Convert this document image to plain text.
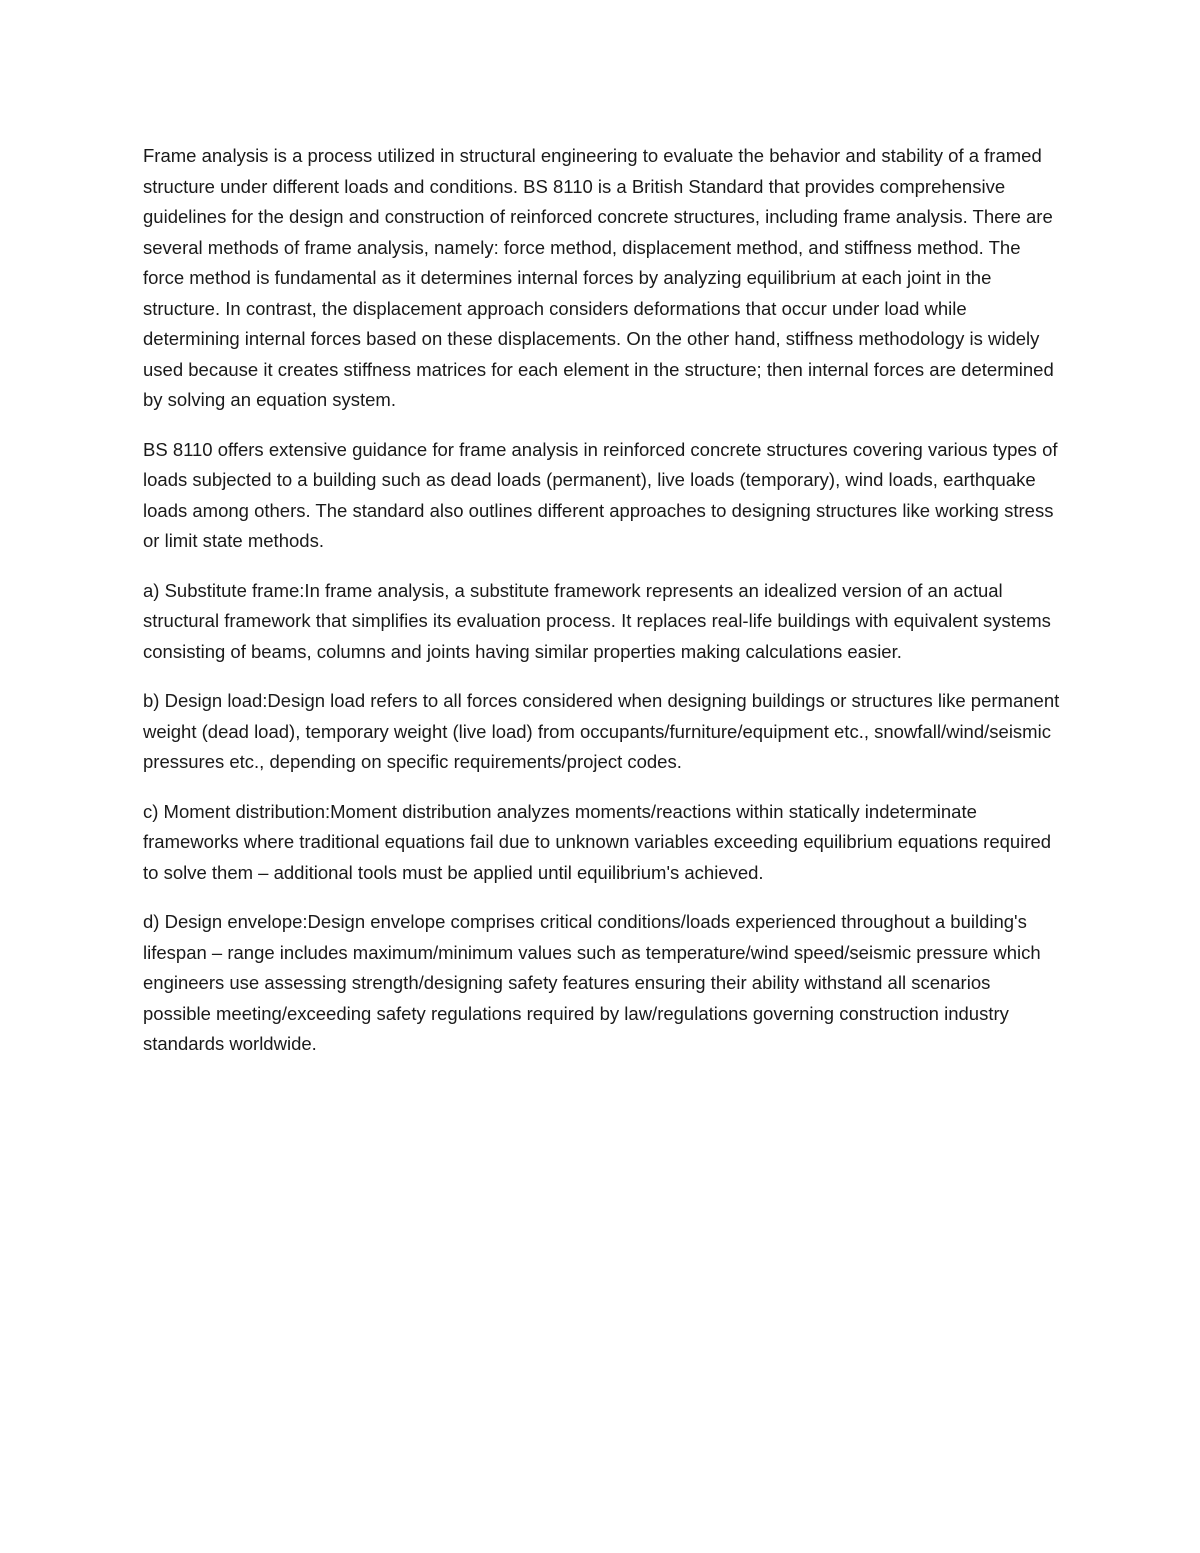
Frame analysis is a process utilized in structural engineering to evaluate the behavior and stability of a framed structure under different loads and conditions. BS 8110 is a British Standard that provides comprehensive guidelines for the design and construction of reinforced concrete structures, including frame analysis. There are several methods of frame analysis, namely: force method, displacement method, and stiffness method. The force method is fundamental as it determines internal forces by analyzing equilibrium at each joint in the structure. In contrast, the displacement approach considers deformations that occur under load while determining internal forces based on these displacements. On the other hand, stiffness methodology is widely used because it creates stiffness matrices for each element in the structure; then internal forces are determined by solving an equation system.

BS 8110 offers extensive guidance for frame analysis in reinforced concrete structures covering various types of loads subjected to a building such as dead loads (permanent), live loads (temporary), wind loads, earthquake loads among others. The standard also outlines different approaches to designing structures like working stress or limit state methods.

a) Substitute frame:In frame analysis, a substitute framework represents an idealized version of an actual structural framework that simplifies its evaluation process. It replaces real-life buildings with equivalent systems consisting of beams, columns and joints having similar properties making calculations easier.

b) Design load:Design load refers to all forces considered when designing buildings or structures like permanent weight (dead load), temporary weight (live load) from occupants/furniture/equipment etc., snowfall/wind/seismic pressures etc., depending on specific requirements/project codes.

c) Moment distribution:Moment distribution analyzes moments/reactions within statically indeterminate frameworks where traditional equations fail due to unknown variables exceeding equilibrium equations required to solve them – additional tools must be applied until equilibrium's achieved.

d) Design envelope:Design envelope comprises critical conditions/loads experienced throughout a building's lifespan – range includes maximum/minimum values such as temperature/wind speed/seismic pressure which engineers use assessing strength/designing safety features ensuring their ability withstand all scenarios possible meeting/exceeding safety regulations required by law/regulations governing construction industry standards worldwide.
